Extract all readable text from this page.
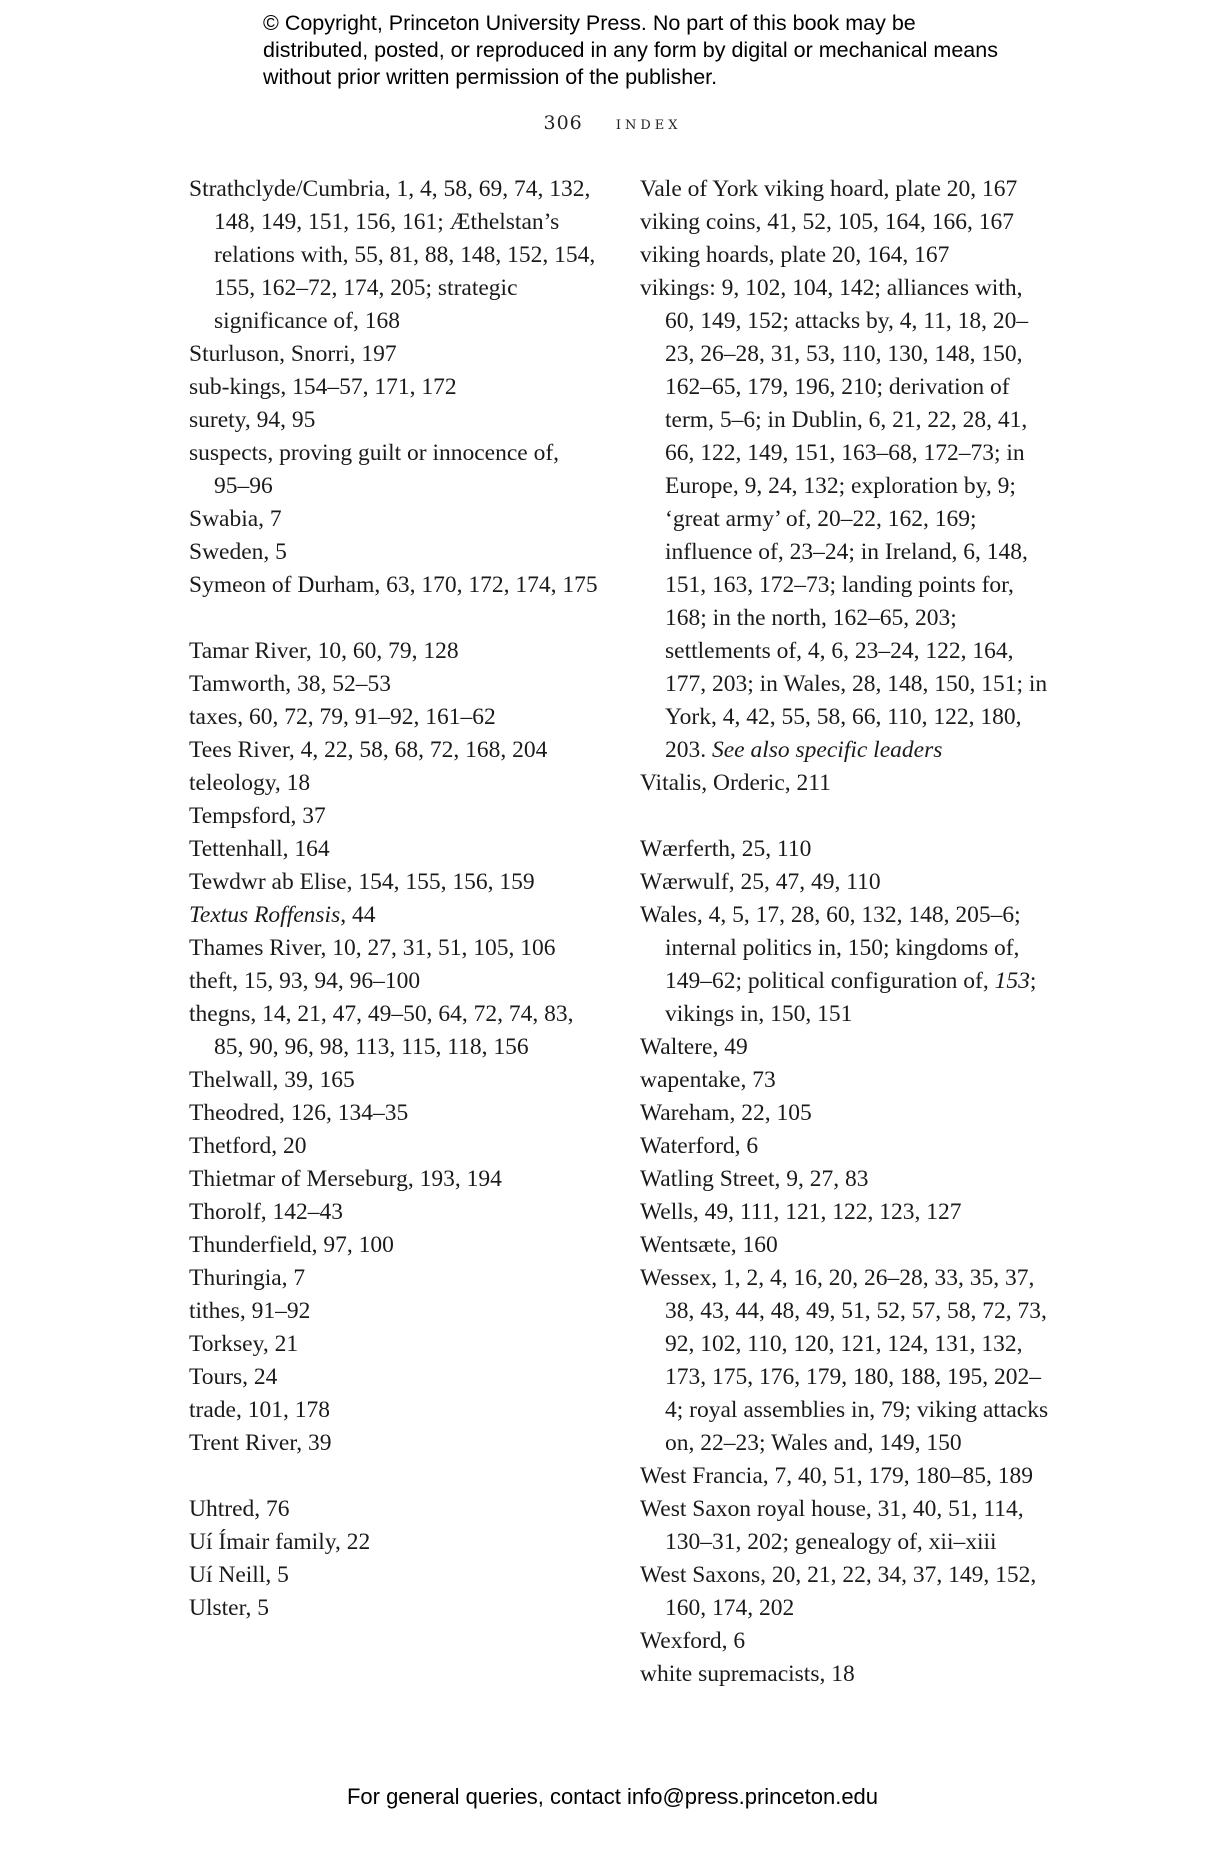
© Copyright, Princeton University Press. No part of this book may be distributed, posted, or reproduced in any form by digital or mechanical means without prior written permission of the publisher.
306 index

Strathclyde/Cumbria, 1, 4, 58, 69, 74, 132, 148, 149, 151, 156, 161; Æthelstan’s relations with, 55, 81, 88, 148, 152, 154, 155, 162–72, 174, 205; strategic significance of, 168

Sturluson, Snorri, 197

sub-kings, 154–57, 171, 172

surety, 94, 95

suspects, proving guilt or innocence of, 95–96

Swabia, 7

Sweden, 5

Symeon of Durham, 63, 170, 172, 174, 175

Tamar River, 10, 60, 79, 128

Tamworth, 38, 52–53

taxes, 60, 72, 79, 91–92, 161–62

Tees River, 4, 22, 58, 68, 72, 168, 204

teleology, 18

Tempsford, 37

Tettenhall, 164

Tewdwr ab Elise, 154, 155, 156, 159

Textus Roffensis, 44

Thames River, 10, 27, 31, 51, 105, 106

theft, 15, 93, 94, 96–100

thegns, 14, 21, 47, 49–50, 64, 72, 74, 83, 85, 90, 96, 98, 113, 115, 118, 156

Thelwall, 39, 165

Theodred, 126, 134–35

Thetford, 20

Thietmar of Merseburg, 193, 194

Thorolf, 142–43

Thunderfield, 97, 100

Thuringia, 7

tithes, 91–92

Torksey, 21

Tours, 24

trade, 101, 178

Trent River, 39

Uhtred, 76

Uí Ímair family, 22

Uí Neill, 5

Ulster, 5

Vale of York viking hoard, plate 20, 167

viking coins, 41, 52, 105, 164, 166, 167

viking hoards, plate 20, 164, 167

vikings: 9, 102, 104, 142; alliances with, 60, 149, 152; attacks by, 4, 11, 18, 20–23, 26–28, 31, 53, 110, 130, 148, 150, 162–65, 179, 196, 210; derivation of term, 5–6; in Dublin, 6, 21, 22, 28, 41, 66, 122, 149, 151, 163–68, 172–73; in Europe, 9, 24, 132; exploration by, 9; ‘great army’ of, 20–22, 162, 169; influence of, 23–24; in Ireland, 6, 148, 151, 163, 172–73; landing points for, 168; in the north, 162–65, 203; settlements of, 4, 6, 23–24, 122, 164, 177, 203; in Wales, 28, 148, 150, 151; in York, 4, 42, 55, 58, 66, 110, 122, 180, 203. See also specific leaders

Vitalis, Orderic, 211

Wærferth, 25, 110

Wærwulf, 25, 47, 49, 110

Wales, 4, 5, 17, 28, 60, 132, 148, 205–6; internal politics in, 150; kingdoms of, 149–62; political configuration of, 153; vikings in, 150, 151

Waltere, 49

wapentake, 73

Wareham, 22, 105

Waterford, 6

Watling Street, 9, 27, 83

Wells, 49, 111, 121, 122, 123, 127

Wentsæte, 160

Wessex, 1, 2, 4, 16, 20, 26–28, 33, 35, 37, 38, 43, 44, 48, 49, 51, 52, 57, 58, 72, 73, 92, 102, 110, 120, 121, 124, 131, 132, 173, 175, 176, 179, 180, 188, 195, 202–4; royal assemblies in, 79; viking attacks on, 22–23; Wales and, 149, 150

West Francia, 7, 40, 51, 179, 180–85, 189

West Saxon royal house, 31, 40, 51, 114, 130–31, 202; genealogy of, xii–xiii

West Saxons, 20, 21, 22, 34, 37, 149, 152, 160, 174, 202

Wexford, 6

white supremacists, 18

For general queries, contact info@press.princeton.edu
